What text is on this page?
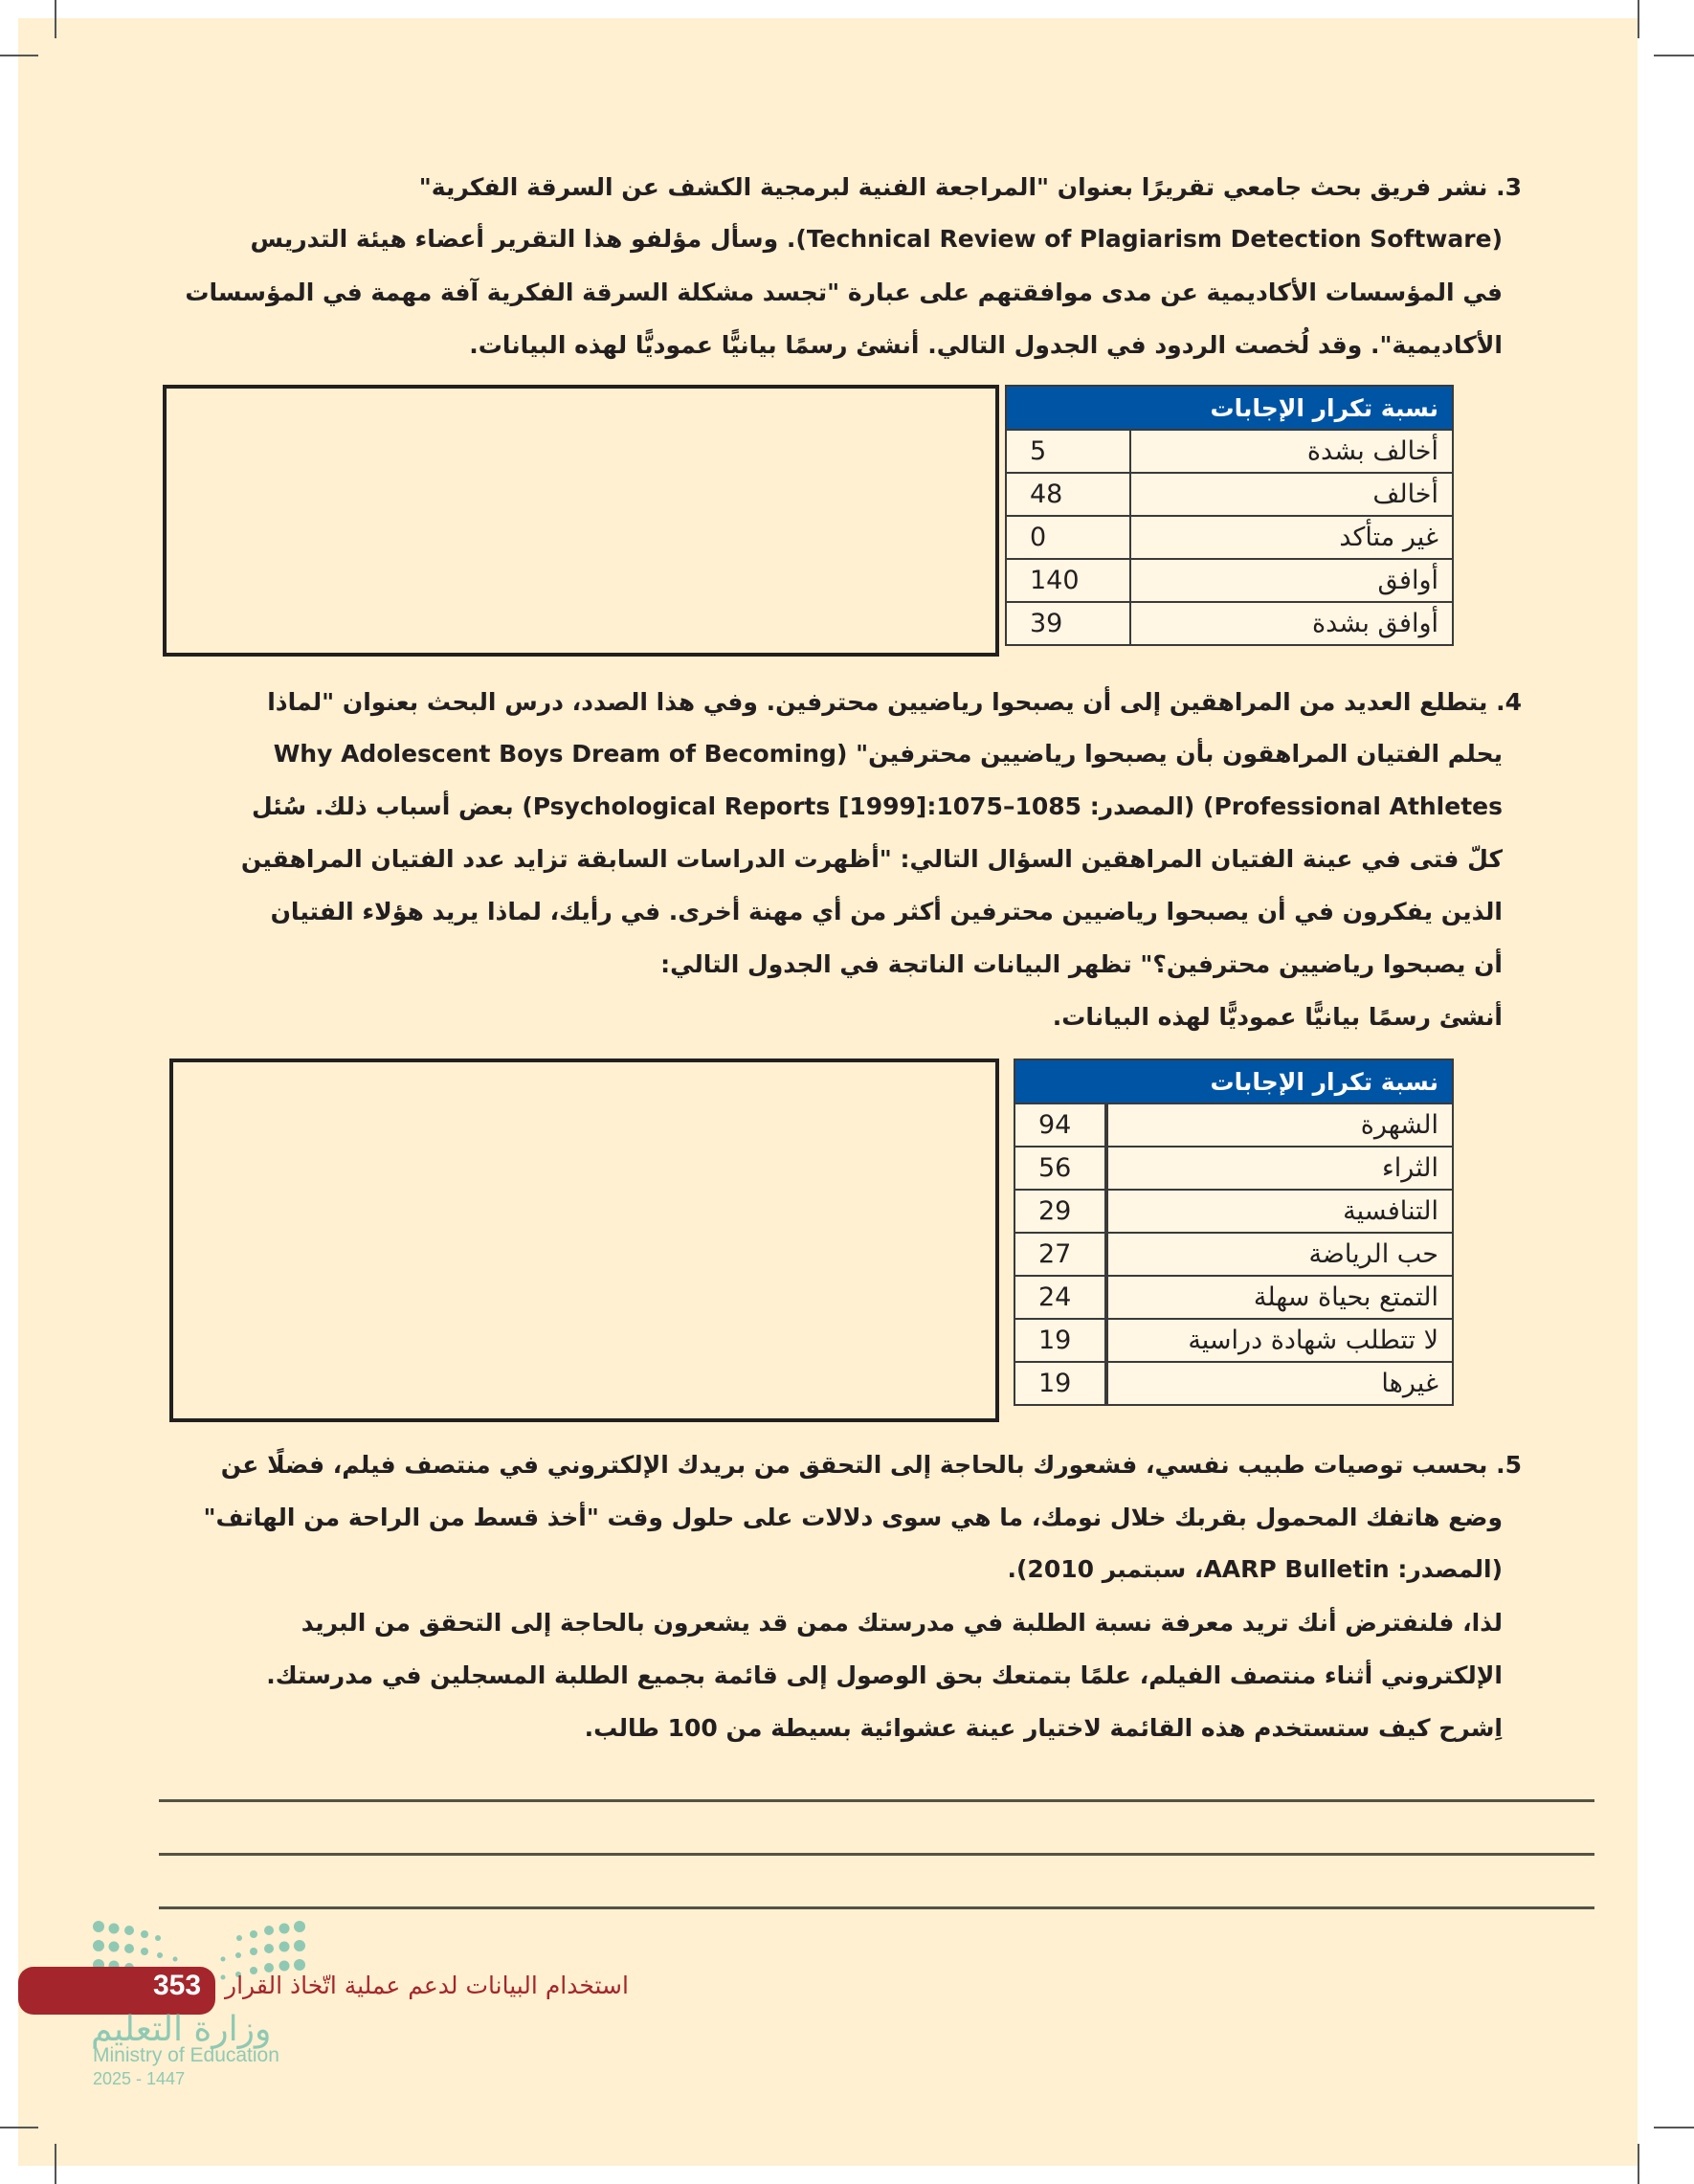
3. نشر فريق بحث جامعي تقريرًا بعنوان "المراجعة الفنية لبرمجية الكشف عن السرقة الفكرية"
(Technical Review of Plagiarism Detection Software). وسأل مؤلفو هذا التقرير أعضاء هيئة التدريس
في المؤسسات الأكاديمية عن مدى موافقتهم على عبارة "تجسد مشكلة السرقة الفكرية آفة مهمة في المؤسسات
الأكاديمية". وقد لُخصت الردود في الجدول التالي. أنشئ رسمًا بيانيًّا عموديًّا لهذه البيانات.
نسبة تكرار الإجابات	
أخالف بشدة	5
أخالف	48
غير متأكد	0
أوافق	140
أوافق بشدة	39
4. يتطلع العديد من المراهقين إلى أن يصبحوا رياضيين محترفين. وفي هذا الصدد، درس البحث بعنوان "لماذا
يحلم الفتيان المراهقون بأن يصبحوا رياضيين محترفين" (Why Adolescent Boys Dream of Becoming
Professional Athletes) (المصدر: Psychological Reports [1999]:1075–1085) بعض أسباب ذلك. سُئل
كلّ فتى في عينة الفتيان المراهقين السؤال التالي: "أظهرت الدراسات السابقة تزايد عدد الفتيان المراهقين
الذين يفكرون في أن يصبحوا رياضيين محترفين أكثر من أي مهنة أخرى. في رأيك، لماذا يريد هؤلاء الفتيان
أن يصبحوا رياضيين محترفين؟" تظهر البيانات الناتجة في الجدول التالي:
أنشئ رسمًا بيانيًّا عموديًّا لهذه البيانات.
نسبة تكرار الإجابات	
الشهرة	94
الثراء	56
التنافسية	29
حب الرياضة	27
التمتع بحياة سهلة	24
لا تتطلب شهادة دراسية	19
غيرها	19
5. بحسب توصيات طبيب نفسي، فشعورك بالحاجة إلى التحقق من بريدك الإلكتروني في منتصف فيلم، فضلًا عن
وضع هاتفك المحمول بقربك خلال نومك، ما هي سوى دلالات على حلول وقت "أخذ قسط من الراحة من الهاتف"
(المصدر: AARP Bulletin، سبتمبر 2010).
لذا، فلنفترض أنك تريد معرفة نسبة الطلبة في مدرستك ممن قد يشعرون بالحاجة إلى التحقق من البريد
الإلكتروني أثناء منتصف الفيلم، علمًا بتمتعك بحق الوصول إلى قائمة بجميع الطلبة المسجلين في مدرستك.
اِشرح كيف ستستخدم هذه القائمة لاختيار عينة عشوائية بسيطة من 100 طالب.
353 استخدام البيانات لدعم عملية اتّخاذ القرار
وزارة التعليم
Ministry of Education
2025 - 1447
